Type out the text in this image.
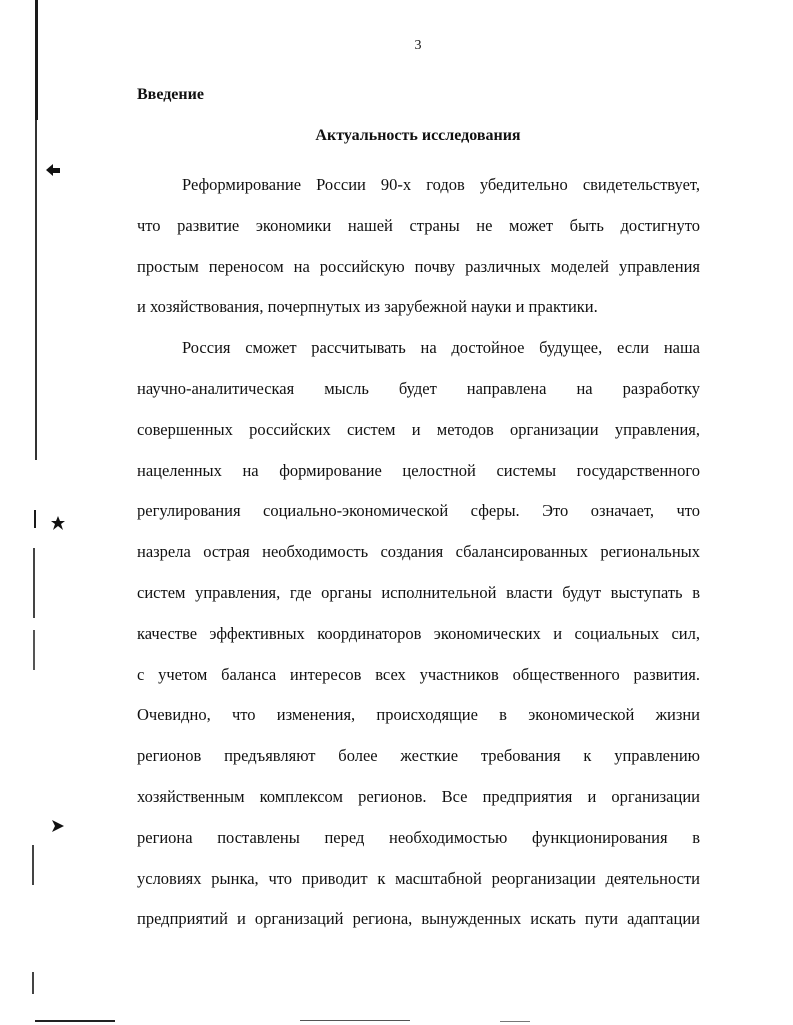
3
Введение
Актуальность исследования
Реформирование России 90-х годов убедительно свидетельствует,
что развитие экономики нашей страны не может быть достигнуто
простым переносом на российскую почву различных моделей управления
и хозяйствования, почерпнутых из зарубежной науки и практики.
Россия сможет рассчитывать на достойное будущее, если наша
научно-аналитическая мысль будет направлена на разработку
совершенных российских систем и методов организации управления,
нацеленных на формирование целостной системы государственного
регулирования социально-экономической сферы. Это означает, что
назрела острая необходимость создания сбалансированных региональных
систем управления, где органы исполнительной власти будут выступать в
качестве эффективных координаторов экономических и социальных сил,
с учетом баланса интересов всех участников общественного развития.
Очевидно, что изменения, происходящие в экономической жизни
регионов предъявляют более жесткие требования к управлению
хозяйственным комплексом регионов. Все предприятия и организации
региона поставлены перед необходимостью функционирования в
условиях рынка, что приводит к масштабной реорганизации деятельности
предприятий и организаций региона, вынужденных искать пути адаптации
